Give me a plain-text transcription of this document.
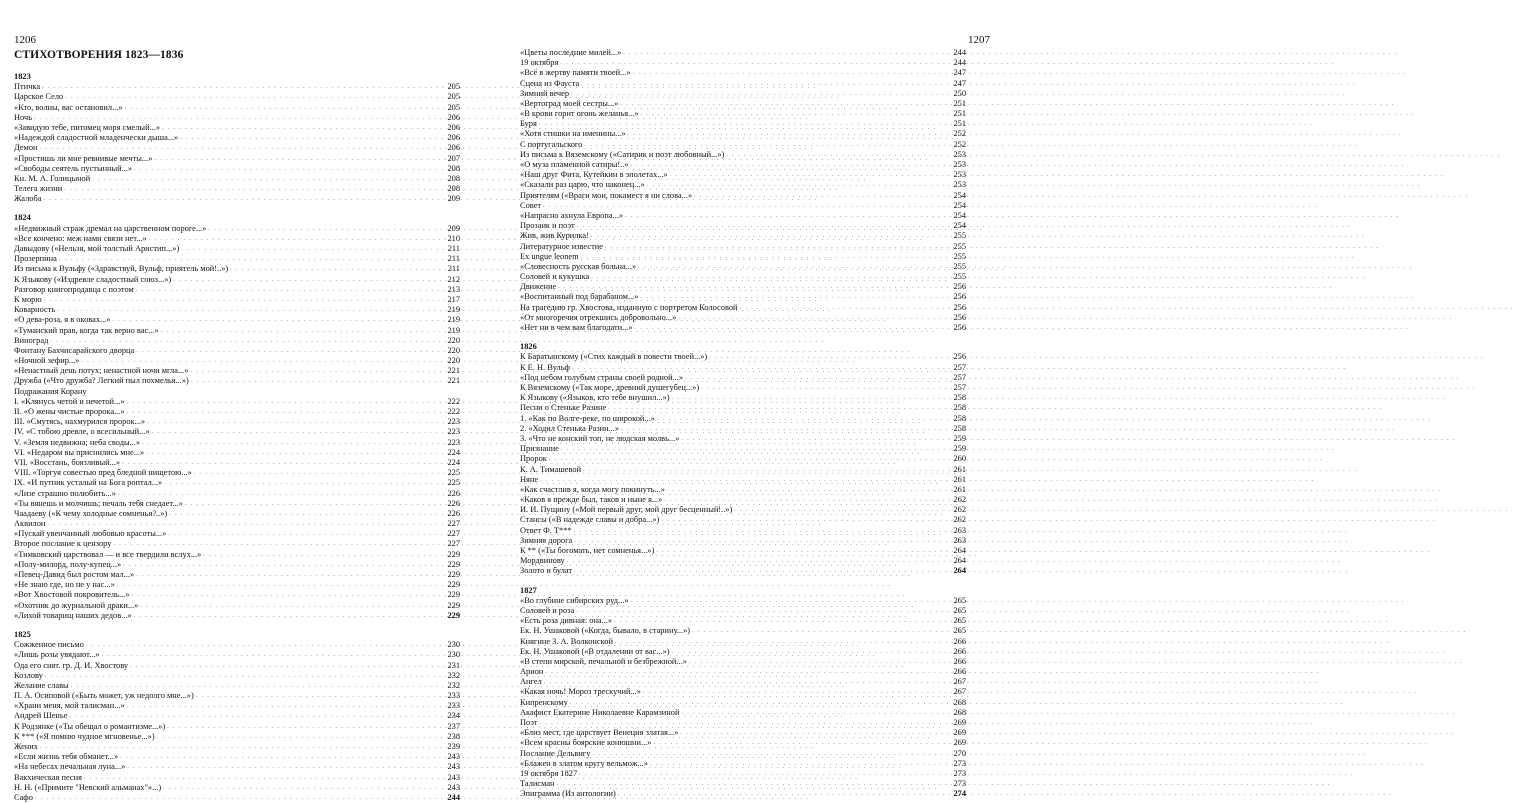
1206
СТИХОТВОРЕНИЯ 1823—1836
1823
Птичка . . .	205
Царское Село . . .	205
«Кто, волны, вас остановил...» . . .	205
Ночь . . .	206
«Завидую тебе, питомец моря смелый...» . . .	206
«Надеждой сладостной младенчески дыша...» . . .	206
Демон . . .	206
«Простишь ли мне ревнивые мечты...» . . .	207
«Свободы сеятель пустынный...» . . .	208
Кн. М. А. Голицыной . . .	208
Телега жизни . . .	208
Жалоба . . .	209
1824
«Недвижный страж дремал на царственном пороге...» . . .	209
«Все кончено: меж нами связи нет...» . . .	210
Давыдову («Нельзя, мой толстый Аристип...») . . .	211
Прозерпина . . .	211
Из письма к Вульфу («Здравствуй, Вульф, приятель мой!..») . . .	211
К Языкову («Издревле сладостный союз...») . . .	212
Разговор книгопродавца с поэтом . . .	213
К морю . . .	217
Коварность . . .	219
«О дева-роза, я в оковах...» . . .	219
«Туманский прав, когда так верно вас...» . . .	219
Виноград . . .	220
Фонтану Бахчисарайского дворца . . .	220
«Ночной зефир...» . . .	220
«Ненастный день потух; ненастной ночи мгла...» . . .	221
Дружба («Что дружба? Легкий пыл похмелья...») . . .	221
Подражания Корану
I. «Клянусь четой и нечетой...» . . .	222
II. «О жены чистые пророка...» . . .	222
III. «Смутясь, нахмурился пророк...» . . .	223
IV. «С тобою древле, о всесильный...» . . .	223
V. «Земля недвижна; неба своды...» . . .	223
VI. «Недаром вы приснились мне...» . . .	224
VII. «Восстань, боязливый...» . . .	224
VIII. «Торгуя совестью пред бледной нищетою...» . . .	225
IX. «И путник усталый на Бога роптал...» . . .	225
«Лизе страшно полюбить...» . . .	226
«Ты вянешь и молчишь; печаль тебя снедает...» . . .	226
Чаадаеву («К чему холодные сомненья?..») . . .	226
Аквилон . . .	227
«Пускай увенчанный любовью красоты...» . . .	227
Второе послание к цензору . . .	227
«Тимковский царствовал — и все твердили вслух...» . . .	229
«Полу-милорд, полу-купец...» . . .	229
«Певец-Давид был ростом мал...» . . .	229
«Не знаю где, но не у нас...» . . .	229
«Вот Хвостовой покровитель...» . . .	229
«Охотник до журнальной драки...» . . .	229
«Лихой товарищ наших дедов...» . . .	229
1825
Сожженное письмо . . .	230
«Лишь розы увядают...» . . .	230
Ода его сият. гр. Д. И. Хвостову . . .	231
Козлову . . .	232
Желание славы . . .	232
П. А. Осиповой («Быть может, уж недолго мне...») . . .	233
«Храни меня, мой талисман...» . . .	233
Андрей Шенье . . .	234
К Родзянке («Ты обещал о романтизме...») . . .	237
К *** («Я помню чудное мгновенье...») . . .	238
Жених . . .	239
«Если жизнь тебя обманет...» . . .	243
«На небесах печальная луна...» . . .	243
Вакхическая песня . . .	243
Н. Н. («Примите "Невский альманах"»...) . . .	243
Сафо . . .	244
1207
«Цветы последние милей...» . . .	244
19 октября . . .	244
«Всё в жертву памяти твоей...» . . .	247
Сцена из Фауста . . .	247
Зимний вечер . . .	250
«Вертоград моей сестры...» . . .	251
«В крови горит огонь желанья...» . . .	251
Буря . . .	251
«Хотя стишки на именины...» . . .	252
С португальского . . .	252
Из письма к Вяземскому («Сатирик и поэт любовный...») . . .	253
«О муза пламенной сатиры!..» . . .	253
«Наш друг Фита, Кутейкин в эполетах...» . . .	253
«Сказали раз царю, что наконец...» . . .	253
Приятелям («Враги мои, покамест я ни слова...» . . .	254
Совет . . .	254
«Напрасно ахнула Европа...» . . .	254
Прозаик и поэт . . .	254
Жив, жив Курилка! . . .	255
Литературное известие . . .	255
Ex ungue leonem . . .	255
«Словесность русская больна...» . . .	255
Соловей и кукушка . . .	255
Движение . . .	256
«Воспитанный под барабаном...» . . .	256
На трагедию гр. Хвостова, изданную с портретом Колосовой . . .	256
«От многоречия отрекшись добровольно...» . . .	256
«Нет ни в чем вам благодати...» . . .	256
1826
К Баратынскому («Стих каждый в повести твоей...») . . .	256
К Е. Н. Вульф . . .	257
«Под небом голубым страны своей родной...» . . .	257
К Вяземскому («Так море, древний душегубец...») . . .	257
К Языкову («Языков, кто тебе внушил...») . . .	258
Песни о Стеньке Разине . . .	258
1. «Как по Волге-реке, по широкой...» . . .	258
2. «Ходил Стенька Разин...» . . .	258
3. «Что не конский топ, не людская молвь...» . . .	259
Признание . . .	259
Пророк . . .	260
К. А. Тимашевой . . .	261
Няне . . .	261
«Как счастлив я, когда могу покинуть...» . . .	261
«Каков я прежде был, таков и ныне я...» . . .	262
И. И. Пущину («Мой первый друг, мой друг бесценный!..») . . .	262
Стансы («В надежде славы и добра...») . . .	262
Ответ Ф. Т*** . . .	263
Зимняя дорога . . .	263
К ** («Ты богомать, нет сомненья...») . . .	264
Мордвинову . . .	264
Золото и булат . . .	264
1827
«Во глубине сибирских руд...» . . .	265
Соловей и роза . . .	265
«Есть роза дивная: она...» . . .	265
Ек. Н. Ушаковой («Когда, бывало, в старину...») . . .	265
Княгине З. А. Волконской . . .	266
Ек. Н. Ушаковой («В отдалении от вас...») . . .	266
«В степи мирской, печальной и безбрежной...» . . .	266
Арион . . .	266
Ангел . . .	267
«Какая ночь! Мороз трескучий...» . . .	267
Кипренскому . . .	268
Акафист Екатерине Николаевне Карамзиной . . .	268
Поэт . . .	269
«Близ мест, где царствует Венеция златая...» . . .	269
«Всем красны боярские конюшни...» . . .	269
Послание Дельвигу . . .	270
«Блажен в златом кругу вельмож...» . . .	273
19 октября 1827 . . .	273
Талисман . . .	273
Эпиграмма (Из антологии) . . .	274
